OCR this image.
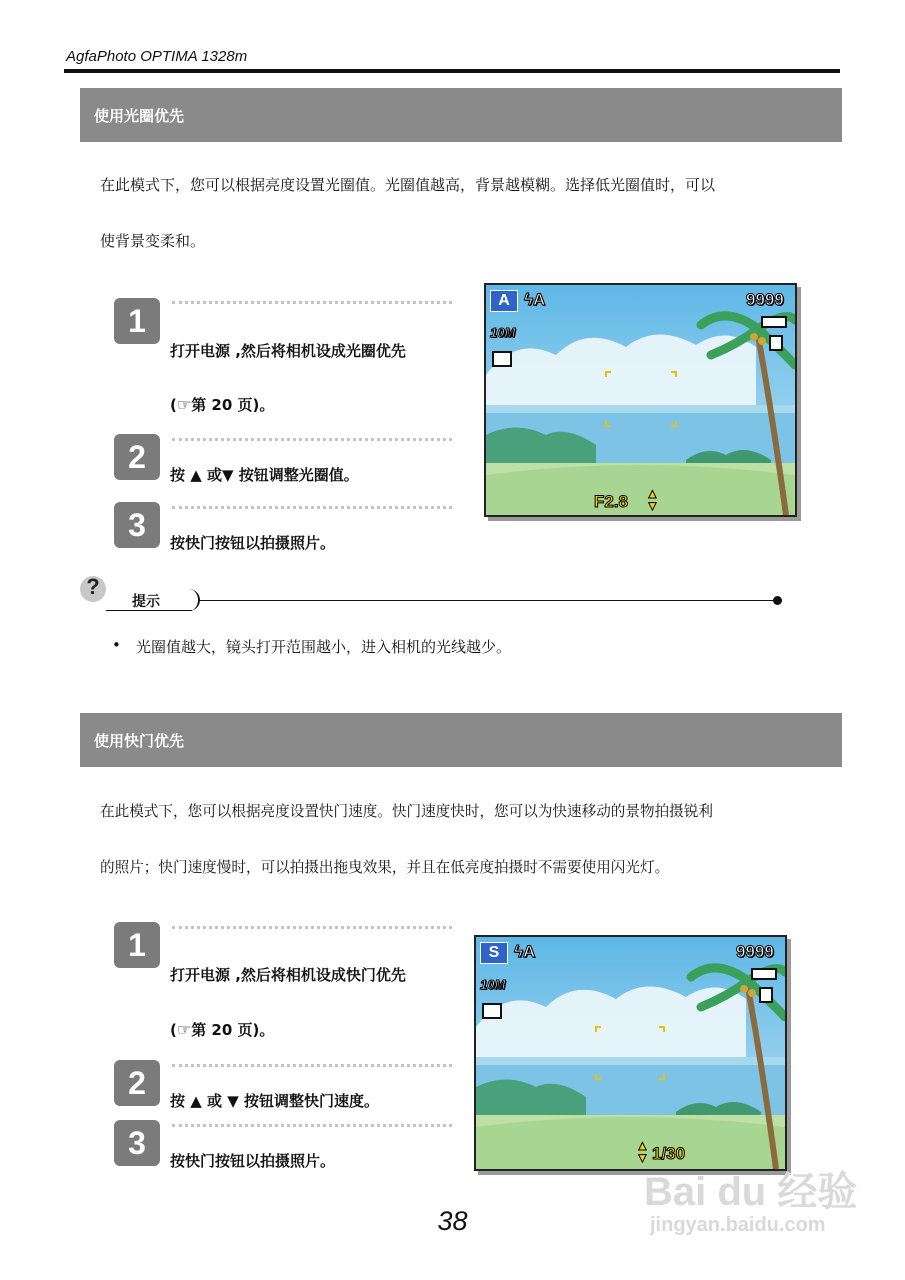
AgfaPhoto OPTIMA 1328m
使用光圈优先
在此模式下，您可以根据亮度设置光圈值。光圈值越高，背景越模糊。选择低光圈值时，可以
使背景变柔和。
1
打开电源 ,然后将相机设成光圈优先
(☞第 20 页)。
2	按 ▲ 或▼ 按钮调整光圈值。
3	按快门按钮以拍摄照片。
A ϟA	9999
10M
F2.8 ▲
▼
?
提示
• 光圈值越大，镜头打开范围越小，进入相机的光线越少。
使用快门优先
在此模式下，您可以根据亮度设置快门速度。快门速度快时，您可以为快速移动的景物拍摄锐利
的照片；快门速度慢时，可以拍摄出拖曳效果，并且在低亮度拍摄时不需要使用闪光灯。
1
打开电源 ,然后将相机设成快门优先
(☞第 20 页)。
2	按 ▲ 或 ▼ 按钮调整快门速度。
3	按快门按钮以拍摄照片。
S ϟA	9999
10M
▲
▼ 1/30
38
Bai du 经验
jingyan.baidu.com
